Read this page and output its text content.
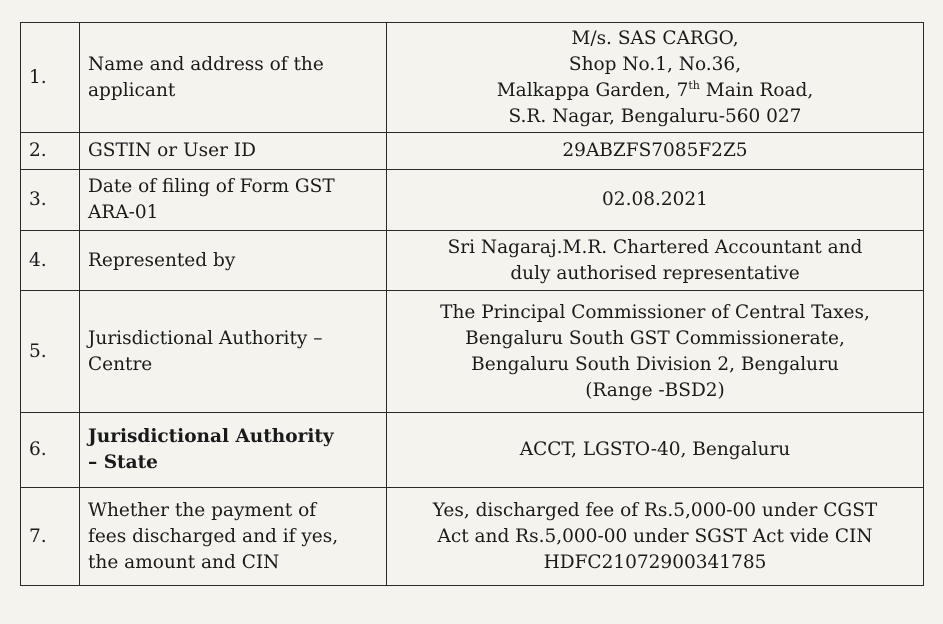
1.	Name and address of the applicant	M/s. SAS CARGO,
Shop No.1, No.36,
Malkappa Garden, 7th Main Road,
S.R. Nagar, Bengaluru-560 027

2.	GSTIN or User ID	29ABZFS7085F2Z5
3.	Date of filing of Form GST ARA-01	02.08.2021
4.	Represented by	Sri Nagaraj.M.R. Chartered Accountant and
duly authorised representative

5.	Jurisdictional Authority –
Centre	The Principal Commissioner of Central Taxes,
Bengaluru South GST Commissionerate,
Bengaluru South Division 2, Bengaluru
(Range -BSD2)

6.	Jurisdictional Authority
– State	ACCT, LGSTO-40, Bengaluru
7.	Whether the payment of
fees discharged and if yes,
the amount and CIN	Yes, discharged fee of Rs.5,000-00 under CGST
Act and Rs.5,000-00 under SGST Act vide CIN
HDFC21072900341785
